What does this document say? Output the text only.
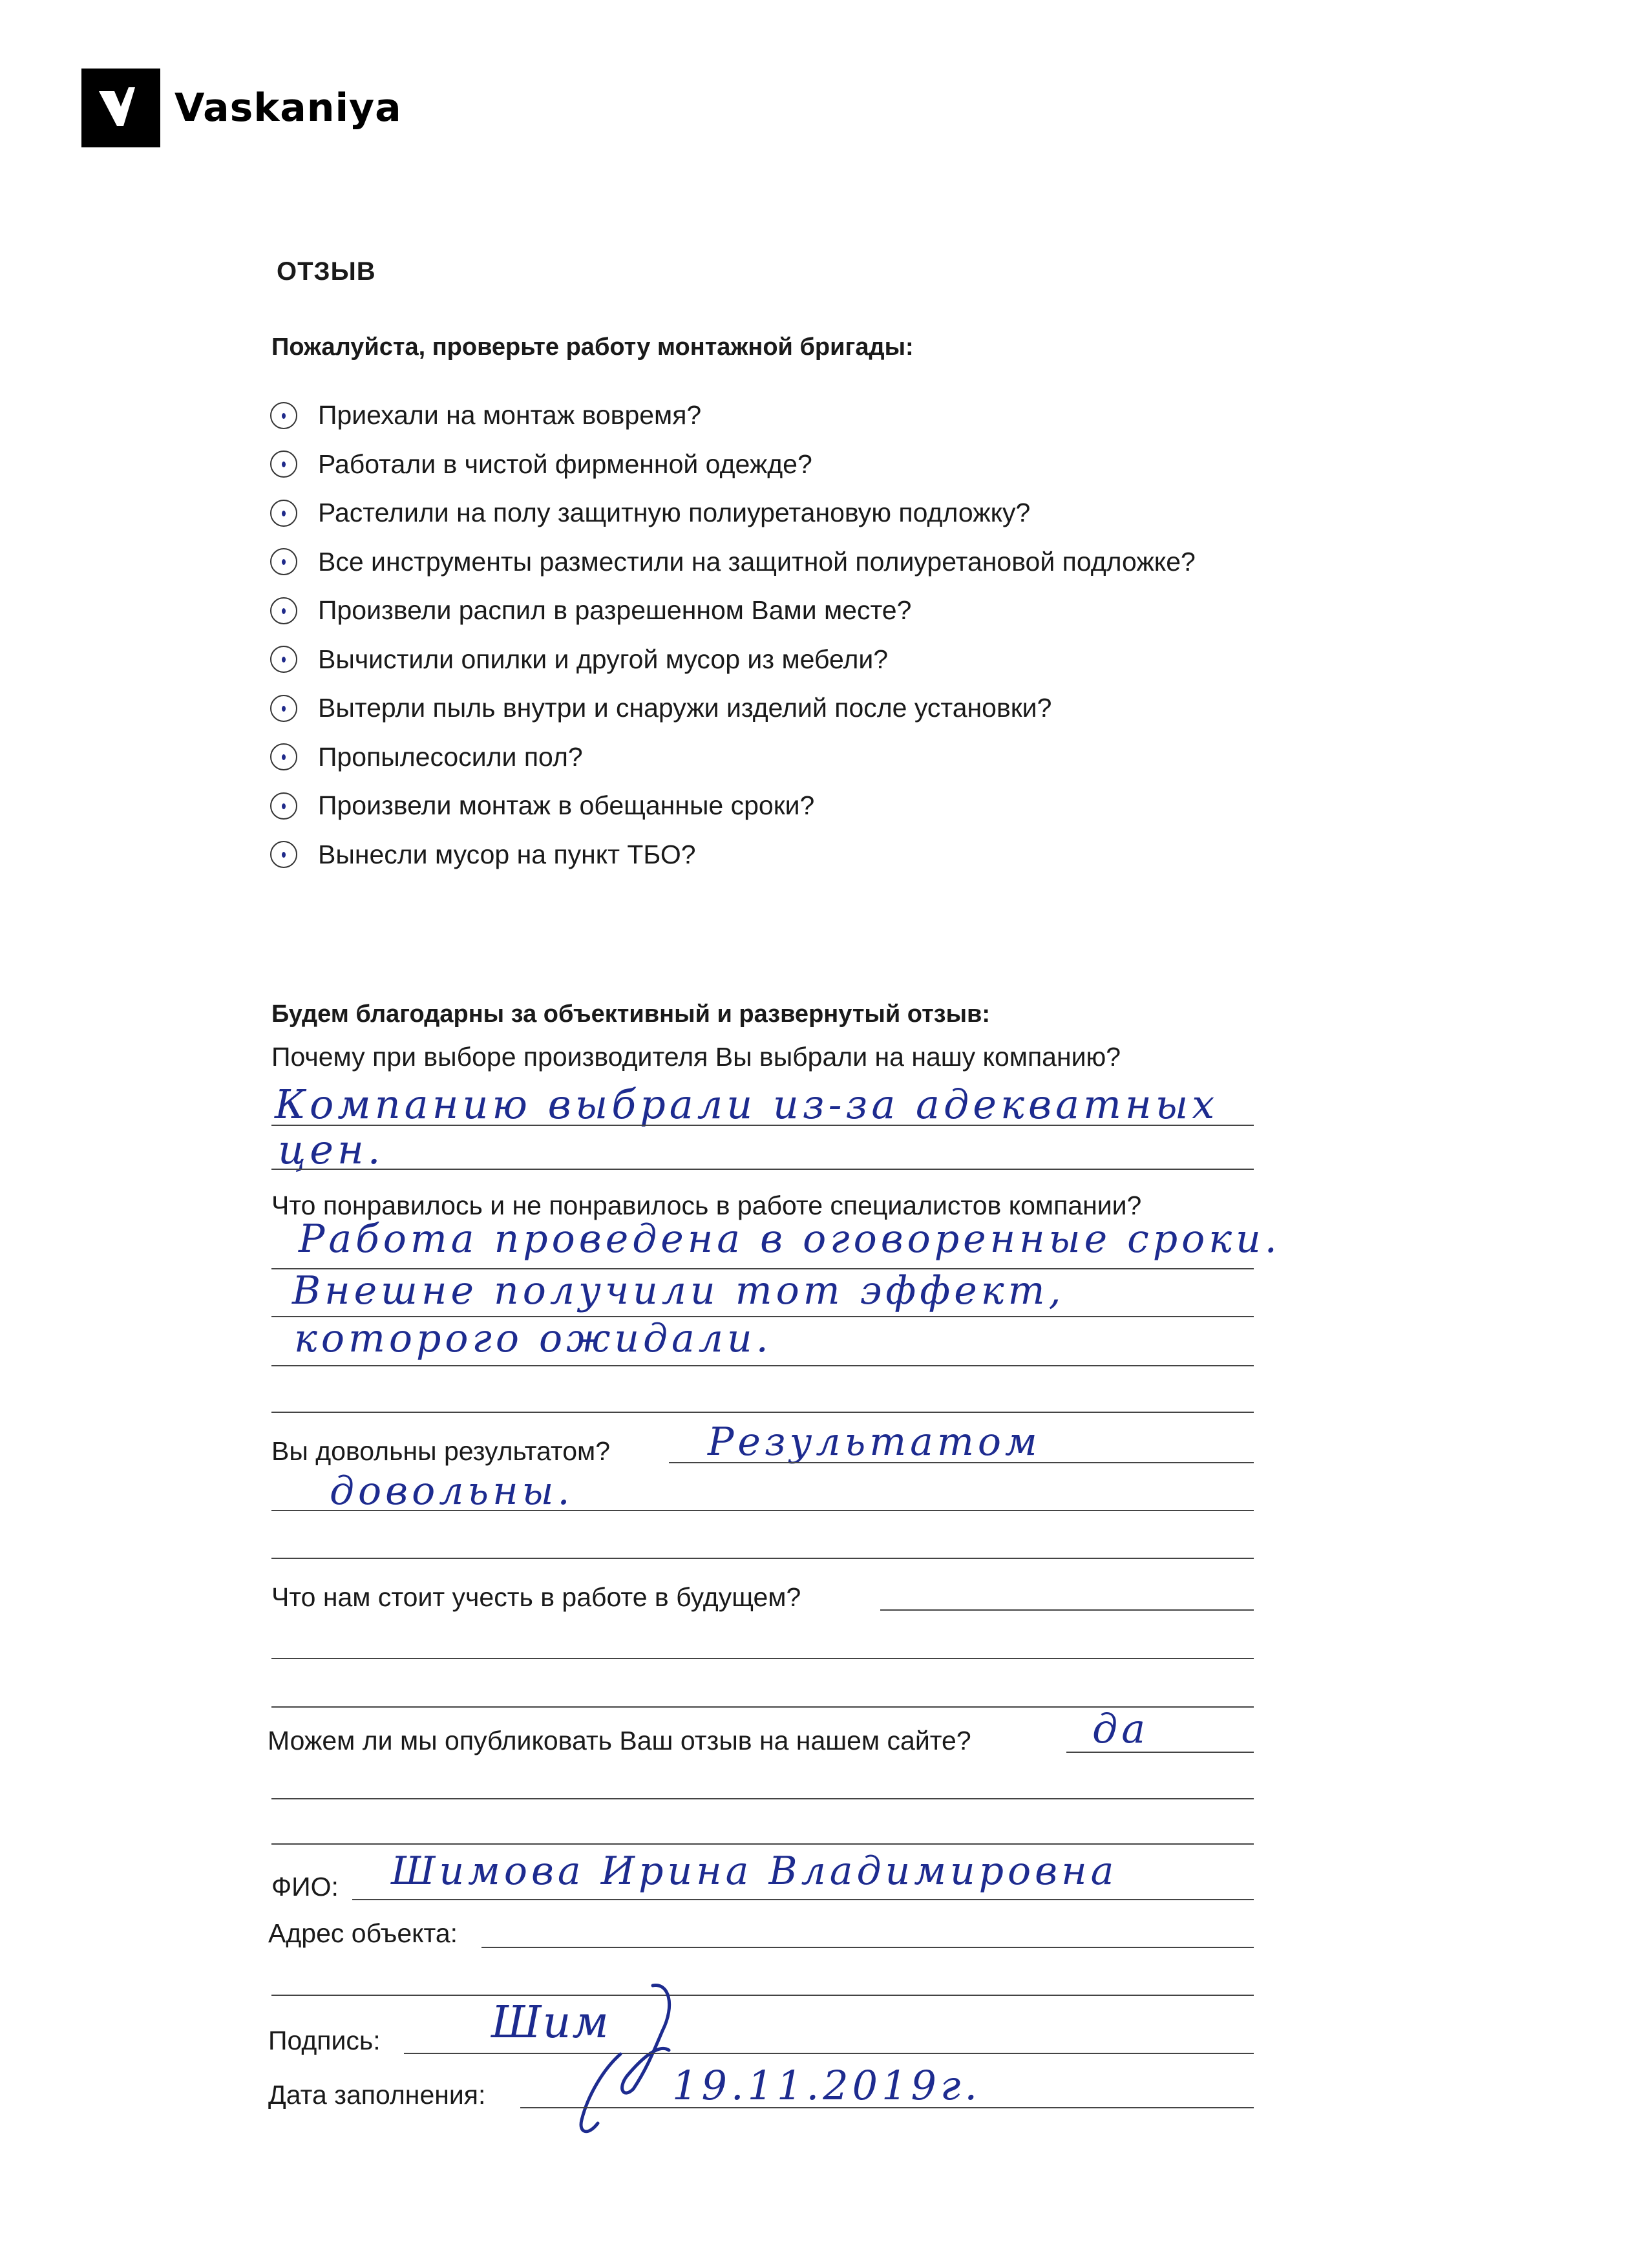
Vaskaniya
ОТЗЫВ
Пожалуйста, проверьте работу монтажной бригады:
Приехали на монтаж вовремя?
Работали в чистой фирменной одежде?
Растелили на полу защитную полиуретановую подложку?
Все инструменты разместили на защитной полиуретановой подложке?
Произвели распил в разрешенном Вами месте?
Вычистили опилки и другой мусор из мебели?
Вытерли пыль внутри и снаружи изделий после установки?
Пропылесосили пол?
Произвели монтаж в обещанные сроки?
Вынесли мусор на пункт ТБО?
Будем благодарны за объективный и развернутый отзыв:
Почему при выборе производителя Вы выбрали на нашу компанию?
Компанию выбрали из-за адекватных
цен.
Что понравилось и не понравилось в работе специалистов компании?
Работа проведена в оговоренные сроки.
Внешне получили тот эффект,
которого ожидали.
Вы довольны результатом?	Результатом
довольны.
Что нам стоит учесть в работе в будущем?
Можем ли мы опубликовать Ваш отзыв на нашем сайте?	да
ФИО: Шимова Ирина Владимировна
Адрес объекта:
Подпись:	Шим
Дата заполнения:	19.11.2019г.
